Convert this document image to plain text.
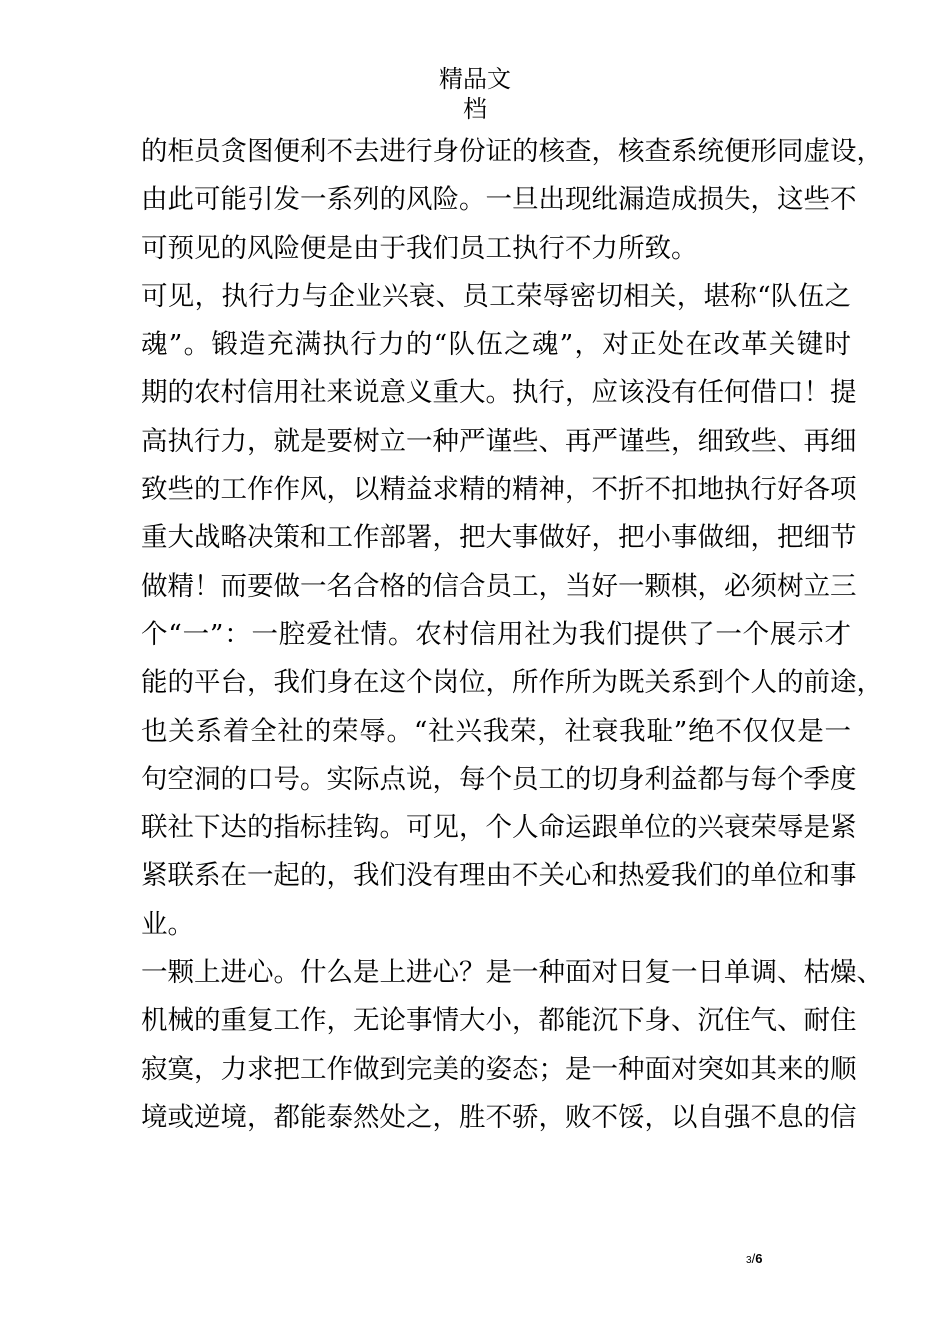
精品文
档
的柜员贪图便利不去进行身份证的核查，核查系统便形同虚设，
由此可能引发一系列的风险。一旦出现纰漏造成损失，这些不
可预见的风险便是由于我们员工执行不力所致。
可见，执行力与企业兴衰、员工荣辱密切相关，堪称“队伍之
魂”。锻造充满执行力的“队伍之魂”，对正处在改革关键时
期的农村信用社来说意义重大。执行，应该没有任何借口！提
高执行力，就是要树立一种严谨些、再严谨些，细致些、再细
致些的工作作风，以精益求精的精神，不折不扣地执行好各项
重大战略决策和工作部署，把大事做好，把小事做细，把细节
做精！而要做一名合格的信合员工，当好一颗棋，必须树立三
个“一”：一腔爱社情。农村信用社为我们提供了一个展示才
能的平台，我们身在这个岗位，所作所为既关系到个人的前途，
也关系着全社的荣辱。“社兴我荣，社衰我耻”绝不仅仅是一
句空洞的口号。实际点说，每个员工的切身利益都与每个季度
联社下达的指标挂钩。可见，个人命运跟单位的兴衰荣辱是紧
紧联系在一起的，我们没有理由不关心和热爱我们的单位和事
业。
一颗上进心。什么是上进心？是一种面对日复一日单调、枯燥、
机械的重复工作，无论事情大小，都能沉下身、沉住气、耐住
寂寞，力求把工作做到完美的姿态；是一种面对突如其来的顺
境或逆境，都能泰然处之，胜不骄，败不馁，以自强不息的信
3/6
